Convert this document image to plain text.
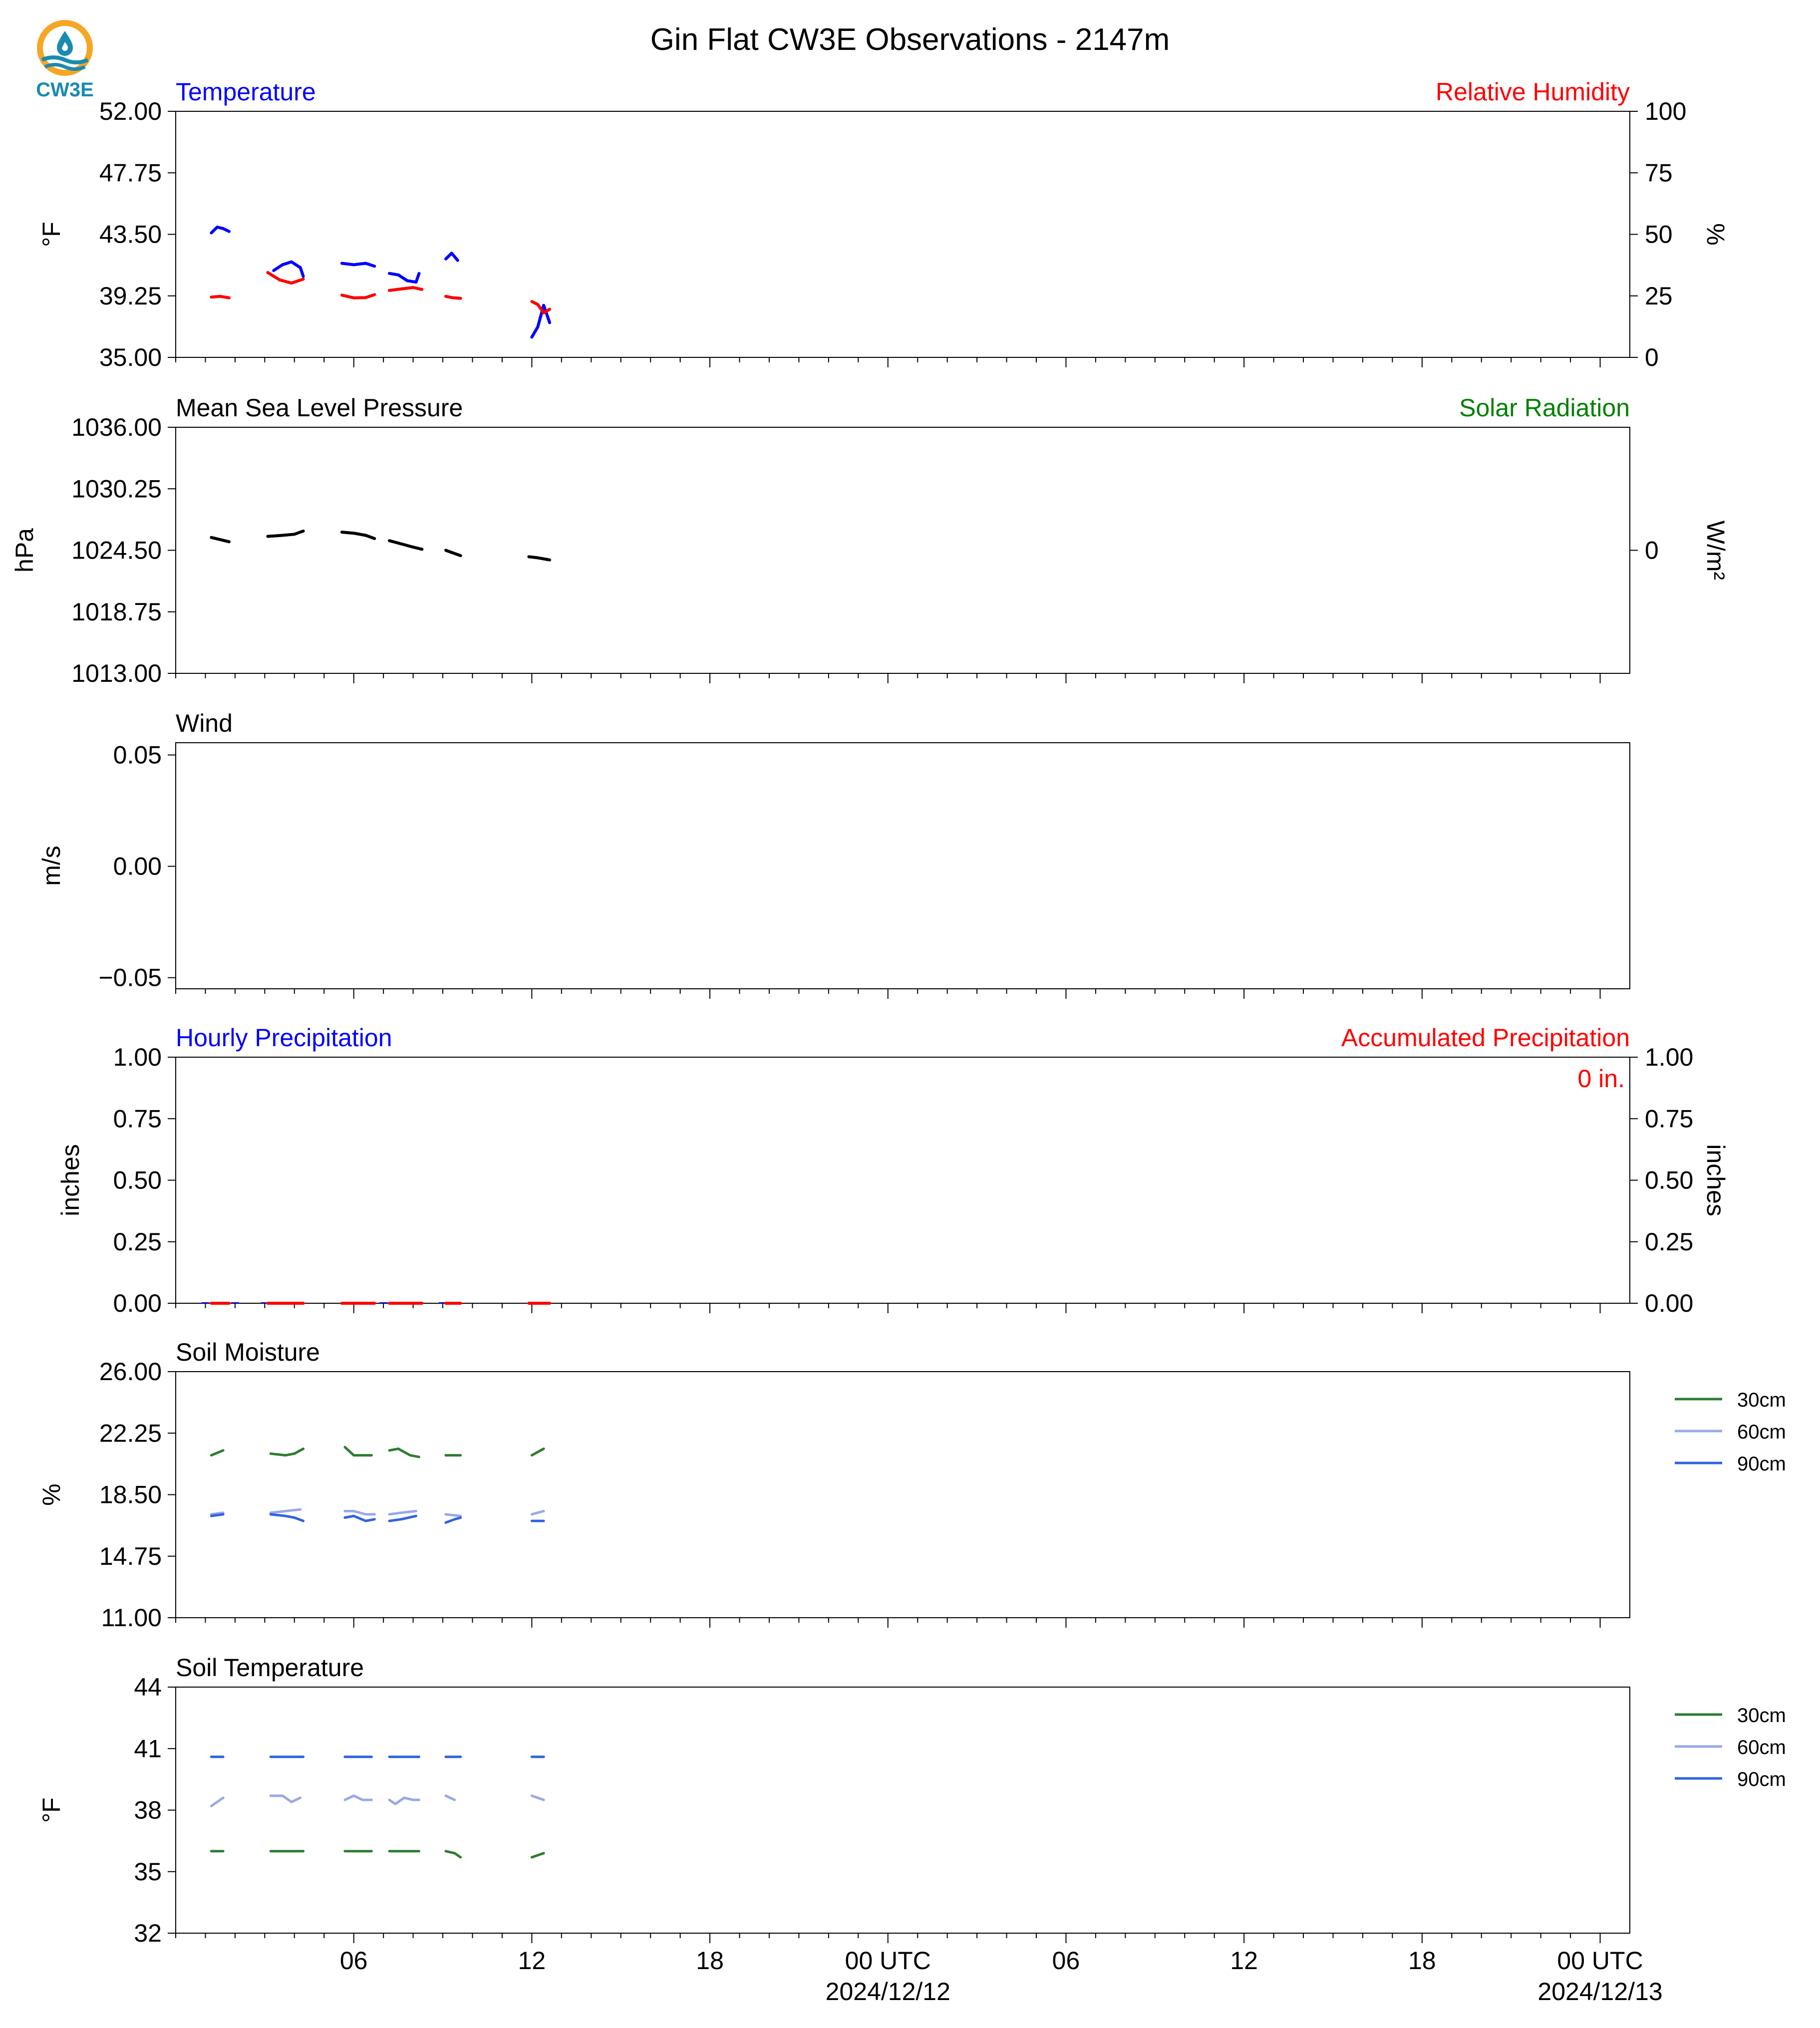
CW3E
Gin Flat CW3E Observations - 2147m
Temperature	Relative Humidity
52.00
47.75
43.50
39.25
35.00
100
75
50
25
0
°F	%
Mean Sea Level Pressure	Solar Radiation
1036.00
1030.25
1024.50
1018.75
1013.00
0
hPa	W/m²
Wind
0.05
0.00
−0.05
m/s
Hourly Precipitation	Accumulated Precipitation
1.00
0.75
0.50
0.25
0.00
1.00
0.75
0.50
0.25
0.00
inches	inches
0 in.
Soil Moisture
26.00
22.25
18.50
14.75
11.00
%
30cm
60cm
90cm
Soil Temperature
44
41
38
35
32
°F
30cm
60cm
90cm
06	12	18	00 UTC
2024/12/12
06	12	18	00 UTC
2024/12/13
